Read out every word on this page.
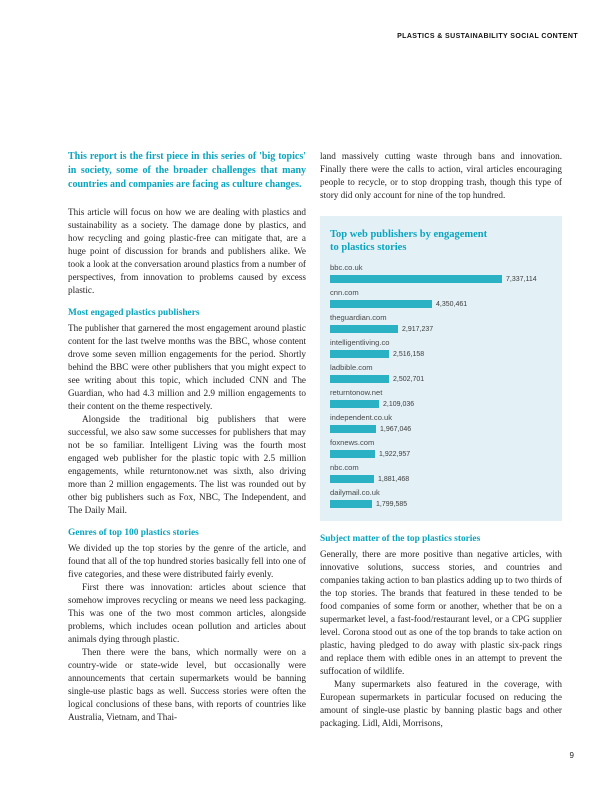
PLASTICS & SUSTAINABILITY SOCIAL CONTENT

This report is the first piece in this series of 'big topics' in society, some of the broader challenges that many countries and companies are facing as culture changes.

This article will focus on how we are dealing with plastics and sustainability as a society. The damage done by plastics, and how recycling and going plastic-free can mitigate that, are a huge point of discussion for brands and publishers alike. We took a look at the conversation around plastics from a number of perspectives, from innovation to problems caused by excess plastic.

Most engaged plastics publishers

The publisher that garnered the most engagement around plastic content for the last twelve months was the BBC, whose content drove some seven million engagements for the period. Shortly behind the BBC were other publishers that you might expect to see writing about this topic, which included CNN and The Guardian, who had 4.3 million and 2.9 million engagements to their content on the theme respectively.

Alongside the traditional big publishers that were successful, we also saw some successes for publishers that may not be so familiar. Intelligent Living was the fourth most engaged web publisher for the plastic topic with 2.5 million engagements, while returntonow.net was sixth, also driving more than 2 million engagements. The list was rounded out by other big publishers such as Fox, NBC, The Independent, and The Daily Mail.

Genres of top 100 plastics stories

We divided up the top stories by the genre of the article, and found that all of the top hundred stories basically fell into one of five categories, and these were distributed fairly evenly.

First there was innovation: articles about science that somehow improves recycling or means we need less packaging. This was one of the two most common articles, alongside problems, which includes ocean pollution and articles about animals dying through plastic.

Then there were the bans, which normally were on a country-wide or state-wide level, but occasionally were announcements that certain supermarkets would be banning single-use plastic bags as well. Success stories were often the logical conclusions of these bans, with reports of countries like Australia, Vietnam, and Thai-

land massively cutting waste through bans and innovation. Finally there were the calls to action, viral articles encouraging people to recycle, or to stop dropping trash, though this type of story did only account for nine of the top hundred.

Top web publishers by engagement
to plastics stories
bbc.co.uk
7,337,114
cnn.com
4,350,461
theguardian.com
2,917,237
intelligentliving.co
2,516,158
ladbible.com
2,502,701
returntonow.net
2,109,036
independent.co.uk
1,967,046
foxnews.com
1,922,957
nbc.com
1,881,468
dailymail.co.uk
1,799,585
Subject matter of the top plastics stories

Generally, there are more positive than negative articles, with innovative solutions, success stories, and countries and companies taking action to ban plastics adding up to two thirds of the top stories. The brands that featured in these tended to be food companies of some form or another, whether that be on a supermarket level, a fast-food/restaurant level, or a CPG supplier level. Corona stood out as one of the top brands to take action on plastic, having pledged to do away with plastic six-pack rings and replace them with edible ones in an attempt to prevent the suffocation of wildlife.

Many supermarkets also featured in the coverage, with European supermarkets in particular focused on reducing the amount of single-use plastic by banning plastic bags and other packaging. Lidl, Aldi, Morrisons,

9
